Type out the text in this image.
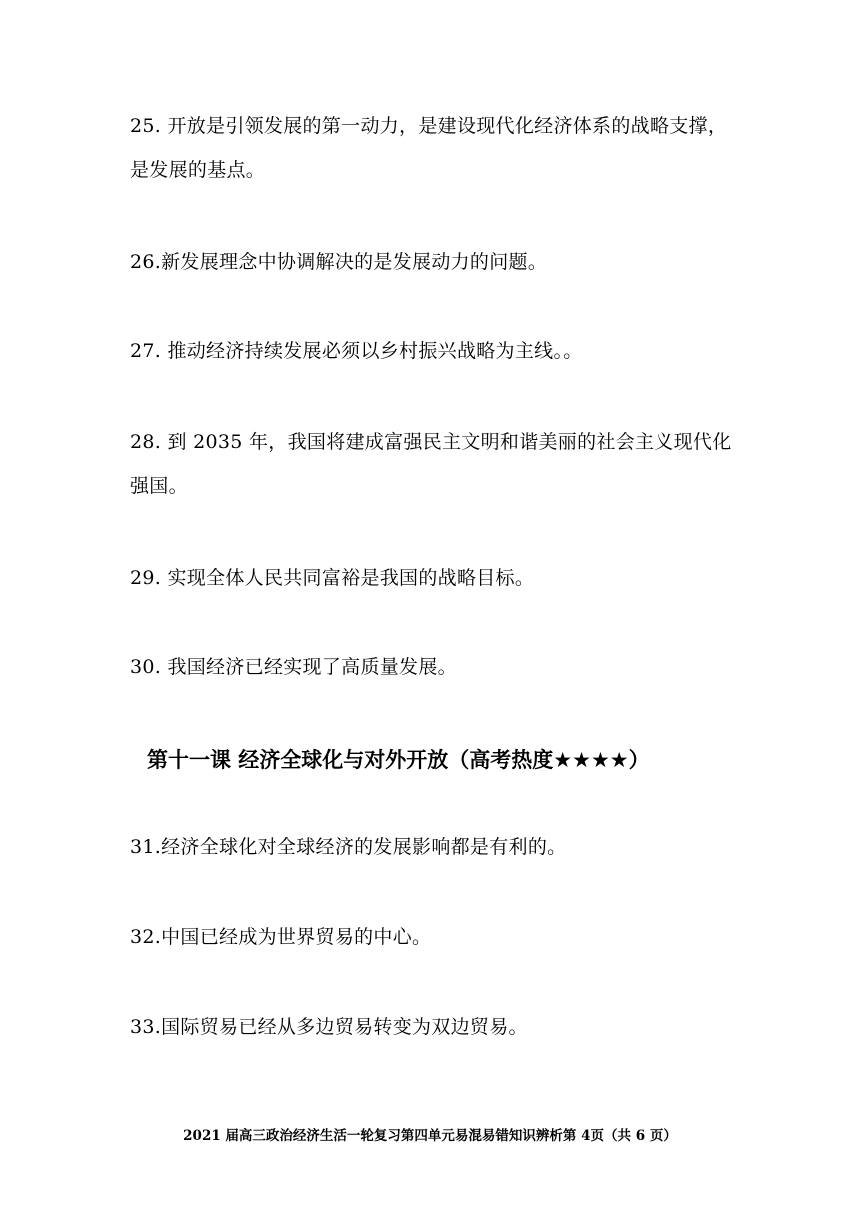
25. 开放是引领发展的第一动力，是建设现代化经济体系的战略支撑，是发展的基点。

26.新发展理念中协调解决的是发展动力的问题。

27. 推动经济持续发展必须以乡村振兴战略为主线。。

28. 到 2035 年，我国将建成富强民主文明和谐美丽的社会主义现代化强国。

29. 实现全体人民共同富裕是我国的战略目标。

30. 我国经济已经实现了高质量发展。

第十一课 经济全球化与对外开放（高考热度★★★★）

31.经济全球化对全球经济的发展影响都是有利的。

32.中国已经成为世界贸易的中心。

33.国际贸易已经从多边贸易转变为双边贸易。

2021 届高三政治经济生活一轮复习第四单元易混易错知识辨析第 4页（共 6 页）
